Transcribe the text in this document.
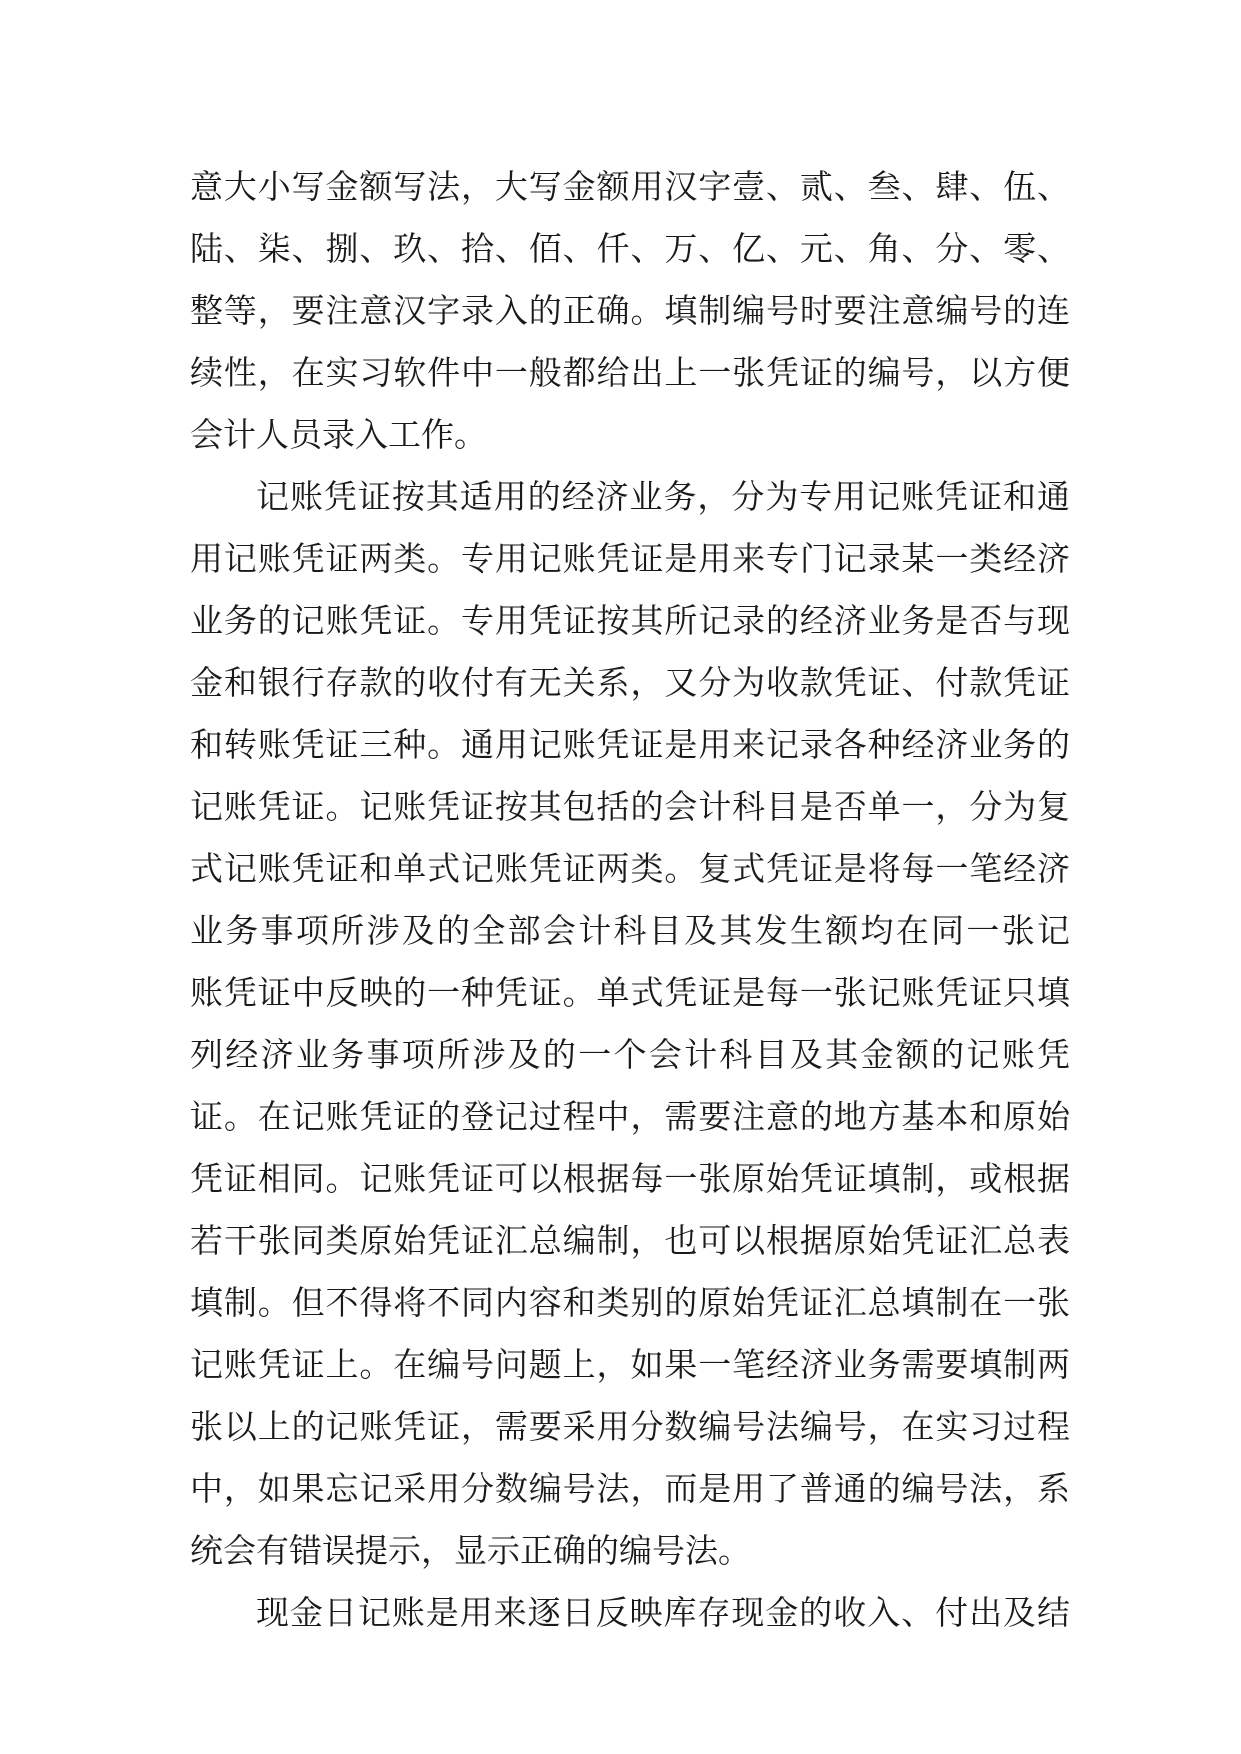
意大小写金额写法，大写金额用汉字壹、贰、叁、肆、伍、
陆、柒、捌、玖、拾、佰、仟、万、亿、元、角、分、零、
整等，要注意汉字录入的正确。填制编号时要注意编号的连
续性，在实习软件中一般都给出上一张凭证的编号，以方便
会计人员录入工作。
记账凭证按其适用的经济业务，分为专用记账凭证和通
用记账凭证两类。专用记账凭证是用来专门记录某一类经济
业务的记账凭证。专用凭证按其所记录的经济业务是否与现
金和银行存款的收付有无关系，又分为收款凭证、付款凭证
和转账凭证三种。通用记账凭证是用来记录各种经济业务的
记账凭证。记账凭证按其包括的会计科目是否单一，分为复
式记账凭证和单式记账凭证两类。复式凭证是将每一笔经济
业务事项所涉及的全部会计科目及其发生额均在同一张记
账凭证中反映的一种凭证。单式凭证是每一张记账凭证只填
列经济业务事项所涉及的一个会计科目及其金额的记账凭
证。在记账凭证的登记过程中，需要注意的地方基本和原始
凭证相同。记账凭证可以根据每一张原始凭证填制，或根据
若干张同类原始凭证汇总编制，也可以根据原始凭证汇总表
填制。但不得将不同内容和类别的原始凭证汇总填制在一张
记账凭证上。在编号问题上，如果一笔经济业务需要填制两
张以上的记账凭证，需要采用分数编号法编号，在实习过程
中，如果忘记采用分数编号法，而是用了普通的编号法，系
统会有错误提示，显示正确的编号法。
现金日记账是用来逐日反映库存现金的收入、付出及结
